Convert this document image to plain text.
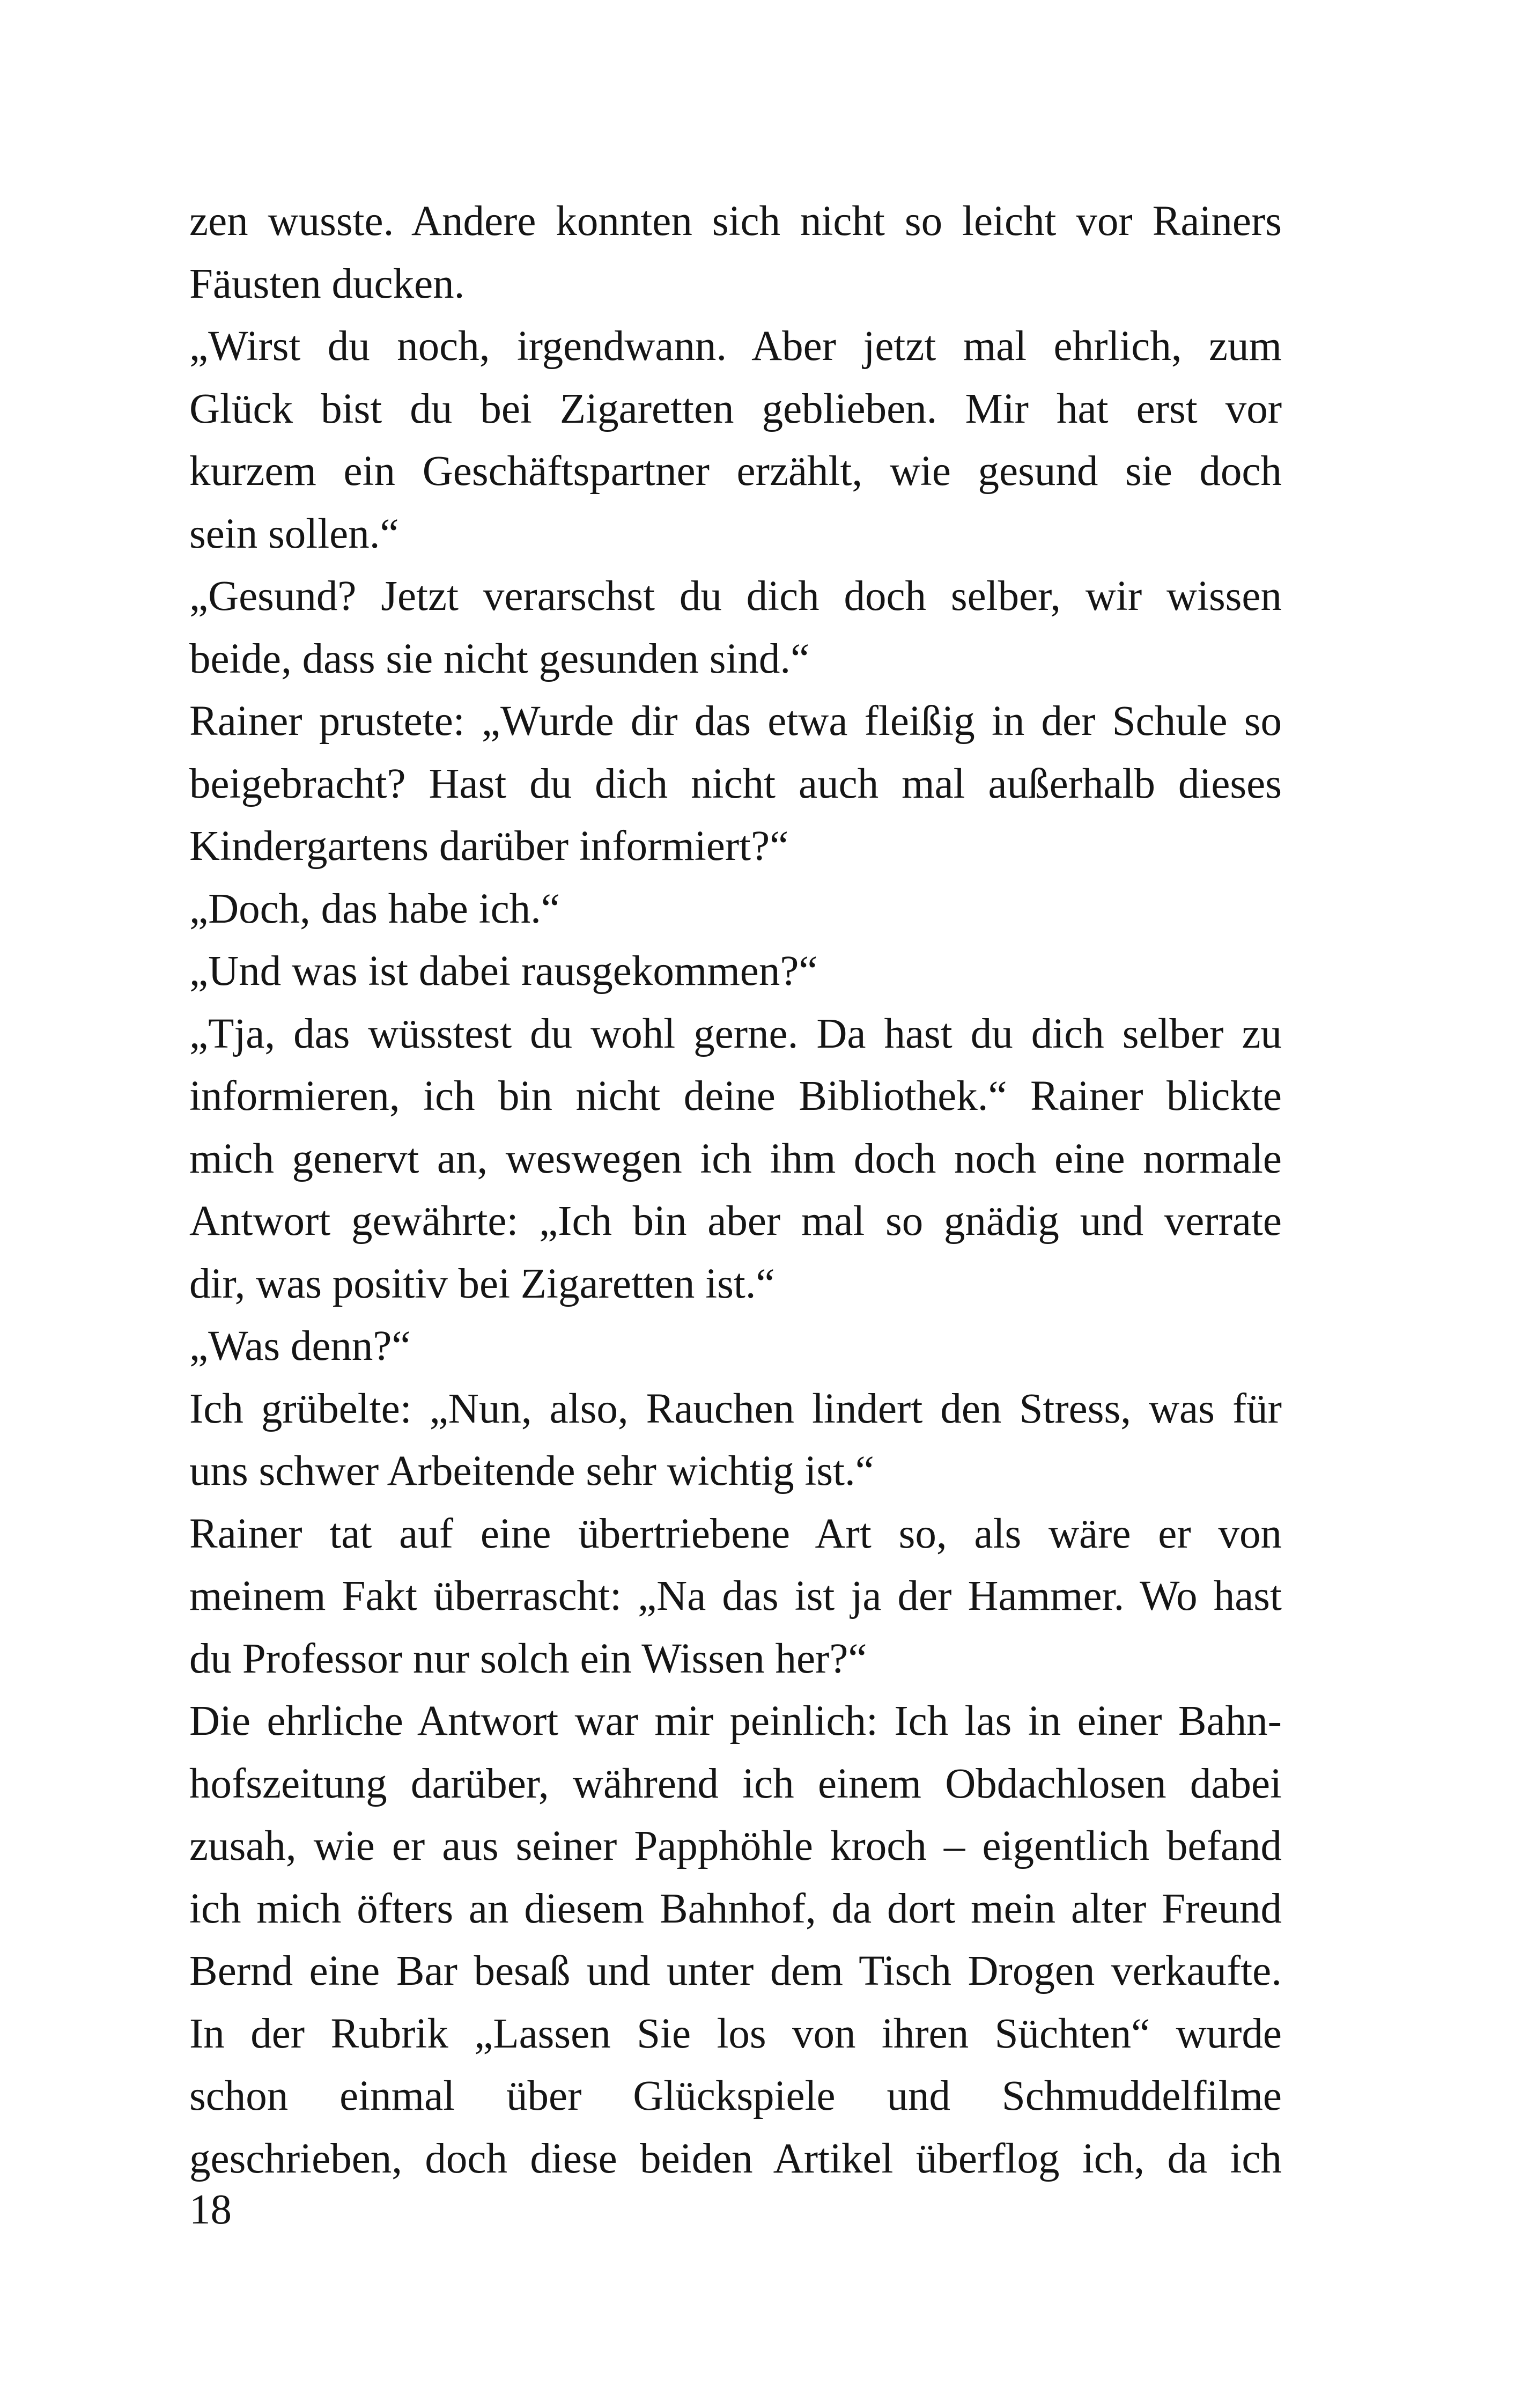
zen wusste. Andere konnten sich nicht so leicht vor Rainers
Fäusten ducken.
„Wirst du noch, irgendwann. Aber jetzt mal ehrlich, zum
Glück bist du bei Zigaretten geblieben. Mir hat erst vor
kurzem ein Geschäftspartner erzählt, wie gesund sie doch
sein sollen.“
„Gesund? Jetzt verarschst du dich doch selber, wir wissen
beide, dass sie nicht gesunden sind.“
Rainer prustete: „Wurde dir das etwa fleißig in der Schule so
beigebracht? Hast du dich nicht auch mal außerhalb dieses
Kindergartens darüber informiert?“
„Doch, das habe ich.“
„Und was ist dabei rausgekommen?“
„Tja, das wüsstest du wohl gerne. Da hast du dich selber zu
informieren, ich bin nicht deine Bibliothek.“ Rainer blickte
mich genervt an, weswegen ich ihm doch noch eine normale
Antwort gewährte: „Ich bin aber mal so gnädig und verrate
dir, was positiv bei Zigaretten ist.“
„Was denn?“
Ich grübelte: „Nun, also, Rauchen lindert den Stress, was für
uns schwer Arbeitende sehr wichtig ist.“
Rainer tat auf eine übertriebene Art so, als wäre er von
meinem Fakt überrascht: „Na das ist ja der Hammer. Wo hast
du Professor nur solch ein Wissen her?“
Die ehrliche Antwort war mir peinlich: Ich las in einer Bahn-
hofszeitung darüber, während ich einem Obdachlosen dabei
zusah, wie er aus seiner Papphöhle kroch – eigentlich befand
ich mich öfters an diesem Bahnhof, da dort mein alter Freund
Bernd eine Bar besaß und unter dem Tisch Drogen verkaufte.
In der Rubrik „Lassen Sie los von ihren Süchten“ wurde
schon einmal über Glückspiele und Schmuddelfilme
geschrieben, doch diese beiden Artikel überflog ich, da ich
18
